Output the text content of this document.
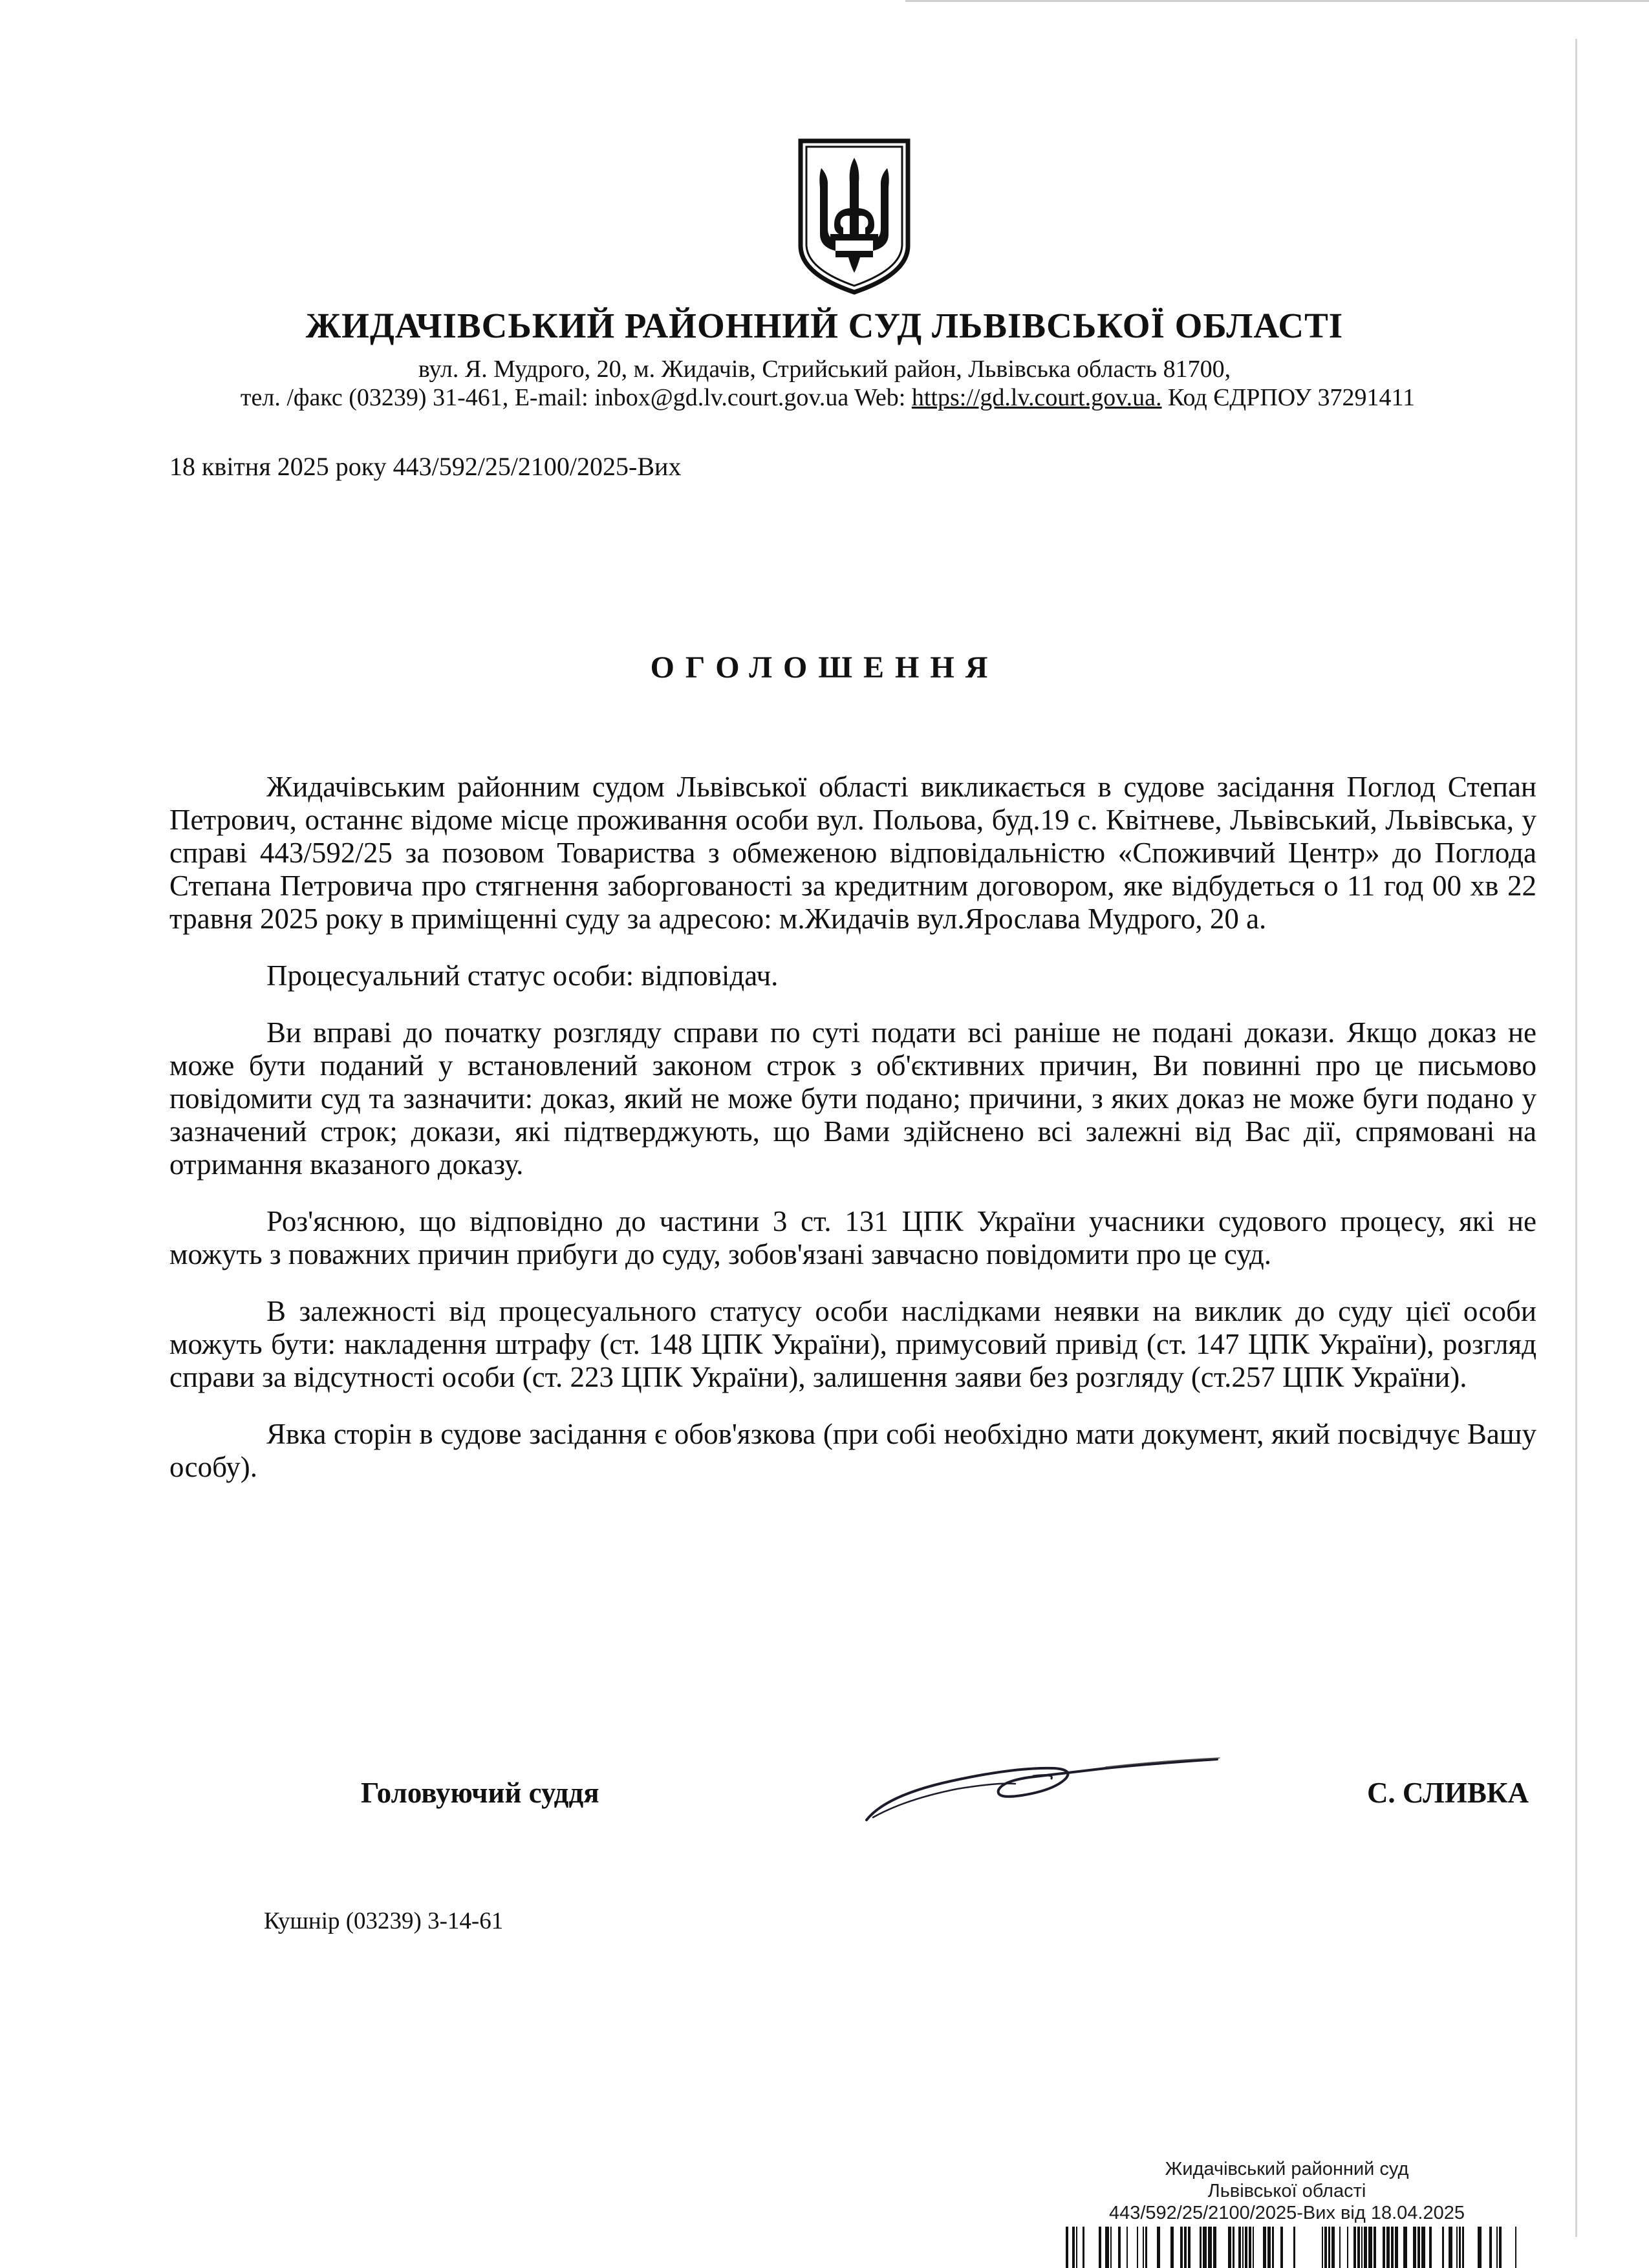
ЖИДАЧІВСЬКИЙ РАЙОННИЙ СУД ЛЬВІВСЬКОЇ ОБЛАСТІ
вул. Я. Мудрого, 20, м. Жидачів, Стрийський район, Львівська область 81700,
тел. /факс (03239) 31-461, E-mail: inbox@gd.lv.court.gov.ua Web: https://gd.lv.court.gov.ua. Код ЄДРПОУ 37291411
18 квітня 2025 року 443/592/25/2100/2025-Вих
ОГОЛОШЕННЯ

Жидачівським районним судом Львівської області викликається в судове засідання Поглод Степан Петрович, останнє відоме місце проживання особи вул. Польова, буд.19 с. Квітневе, Львівський, Львівська, у справі 443/592/25 за позовом Товариства з обмеженою відповідальністю «Споживчий Центр» до Поглода Степана Петровича про стягнення заборгованості за кредитним договором, яке відбудеться о 11 год 00 хв 22 травня 2025 року в приміщенні суду за адресою: м.Жидачів вул.Ярослава Мудрого, 20 а.

Процесуальний статус особи: відповідач.

Ви вправі до початку розгляду справи по суті подати всі раніше не подані докази. Якщо доказ не може бути поданий у встановлений законом строк з об'єктивних причин, Ви повинні про це письмово повідомити суд та зазначити: доказ, який не може бути подано; причини, з яких доказ не може буги подано у зазначений строк; докази, які підтверджують, що Вами здійснено всі залежні від Вас дії, спрямовані на отримання вказаного доказу.

Роз'яснюю, що відповідно до частини 3 ст. 131 ЦПК України учасники судового процесу, які не можуть з поважних причин прибуги до суду, зобов'язані завчасно повідомити про це суд.

В залежності від процесуального статусу особи наслідками неявки на виклик до суду цієї особи можуть бути: накладення штрафу (ст. 148 ЦПК України), примусовий привід (ст. 147 ЦПК України), розгляд справи за відсутності особи (ст. 223 ЦПК України), залишення заяви без розгляду (ст.257 ЦПК України).

Явка сторін в судове засідання є обов'язкова (при собі необхідно мати документ, який посвідчує Вашу особу).

Головуючий суддя	С. СЛИВКА
Кушнір (03239) 3-14-61
Жидачівський районний суд
Львівської області
443/592/25/2100/2025-Вих від 18.04.2025
